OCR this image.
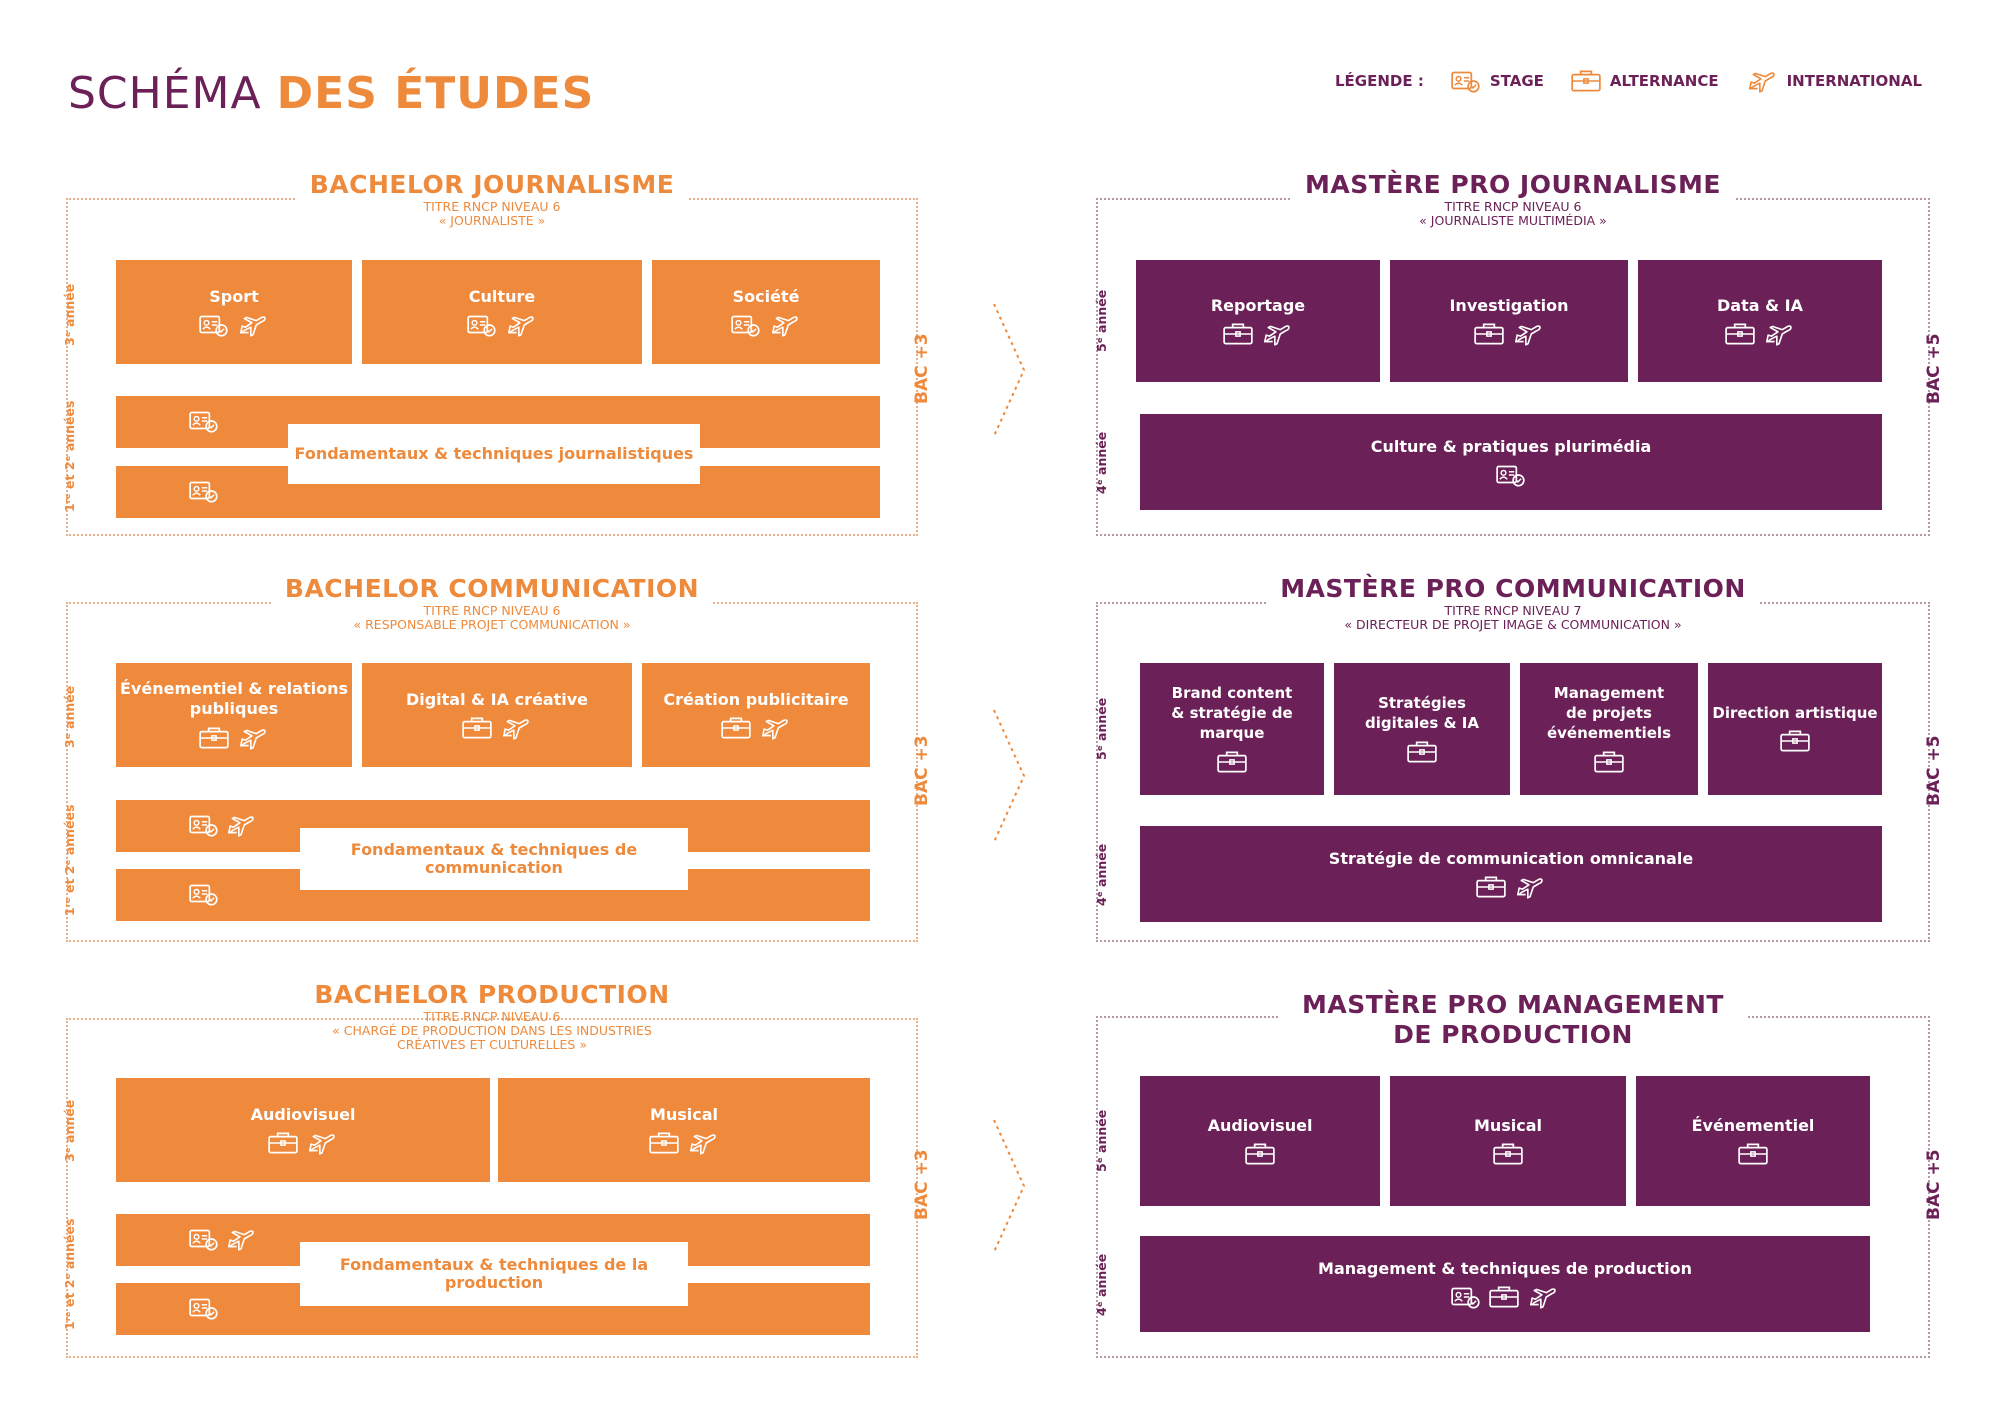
SCHÉMA DES ÉTUDES	LÉGENDE :	STAGE	ALTERNANCE	INTERNATIONAL
BACHELOR JOURNALISME
TITRE RNCP NIVEAU 6
« JOURNALISTE »
Sport	Culture	Société
Fondamentaux & techniques journalistiques
3ᵉ année
1ʳᵉ et 2ᵉ années
BAC +3
BACHELOR COMMUNICATION
TITRE RNCP NIVEAU 6
« RESPONSABLE PROJET COMMUNICATION »
Événementiel & relations publiques	Digital & IA créative	Création publicitaire
Fondamentaux & techniques de communication
3ᵉ année
1ʳᵉ et 2ᵉ années
BAC +3
BACHELOR PRODUCTION
TITRE RNCP NIVEAU 6
« CHARGÉ DE PRODUCTION DANS LES INDUSTRIES
CRÉATIVES ET CULTURELLES »
Audiovisuel	Musical
Fondamentaux & techniques de la production
3ᵉ année
1ʳᵉ et 2ᵉ années
BAC +3
MASTÈRE PRO JOURNALISME
TITRE RNCP NIVEAU 6
« JOURNALISTE MULTIMÉDIA »
Reportage	Investigation	Data & IA
Culture & pratiques plurimédia
5ᵉ année
4ᵉ année
BAC +5
MASTÈRE PRO COMMUNICATION
TITRE RNCP NIVEAU 7
« DIRECTEUR DE PROJET IMAGE & COMMUNICATION »
Brand content & stratégie de marque
Stratégies digitales & IA
Management de projets événementiels
Direction artistique
Stratégie de communication omnicanale
5ᵉ année
4ᵉ année
BAC +5
MASTÈRE PRO MANAGEMENT
DE PRODUCTION
Audiovisuel	Musical	Événementiel
Management & techniques de production
5ᵉ année
4ᵉ année
BAC +5
